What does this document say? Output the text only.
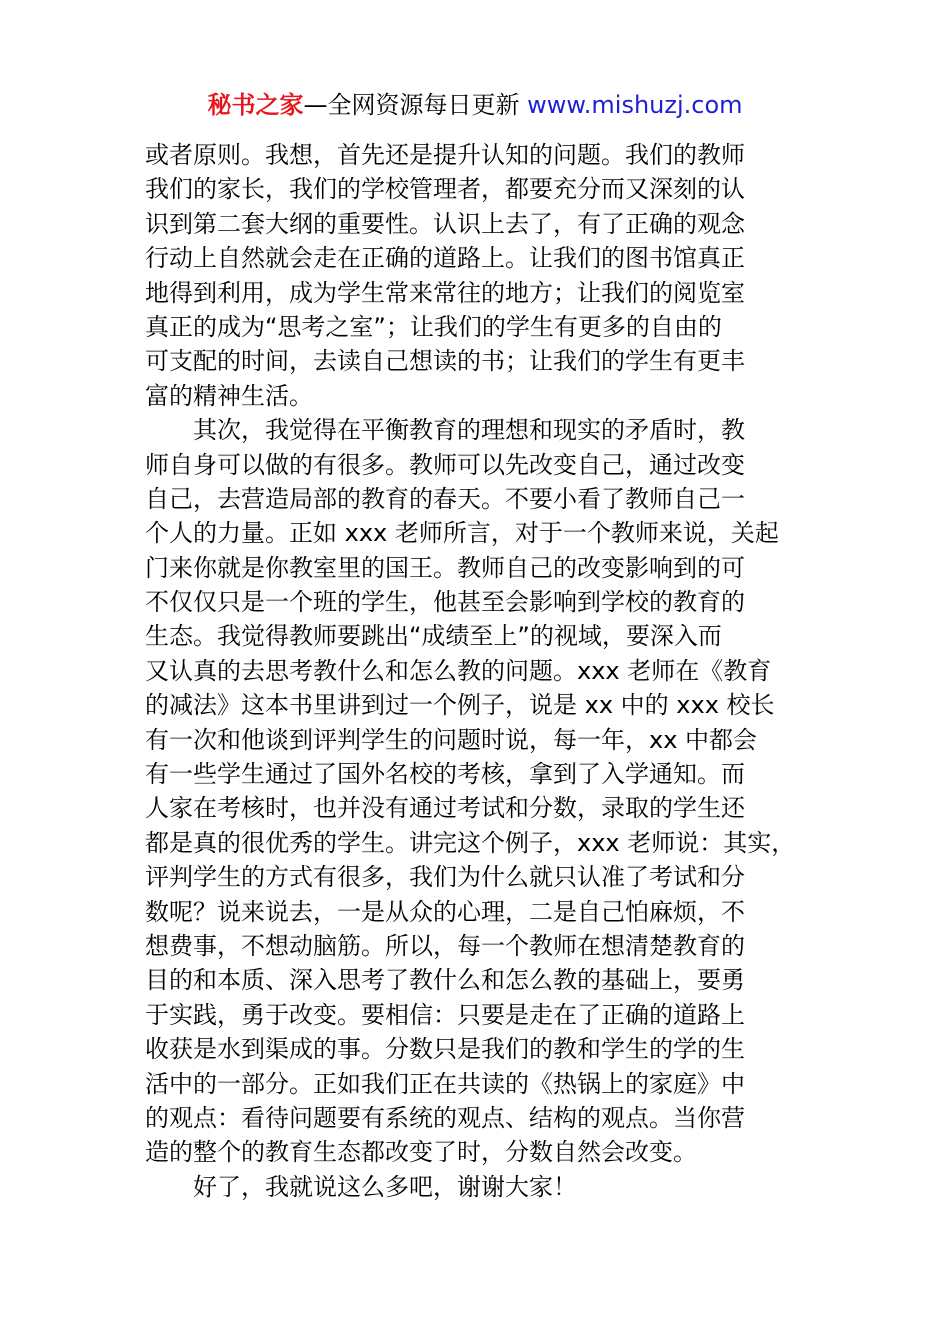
秘书之家—全网资源每日更新 www.mishuzj.com
或者原则。我想，首先还是提升认知的问题。我们的教师
我们的家长，我们的学校管理者，都要充分而又深刻的认
识到第二套大纲的重要性。认识上去了，有了正确的观念
行动上自然就会走在正确的道路上。让我们的图书馆真正
地得到利用，成为学生常来常往的地方；让我们的阅览室
真正的成为“思考之室”；让我们的学生有更多的自由的
可支配的时间，去读自己想读的书；让我们的学生有更丰
富的精神生活。
其次，我觉得在平衡教育的理想和现实的矛盾时，教
师自身可以做的有很多。教师可以先改变自己，通过改变
自己，去营造局部的教育的春天。不要小看了教师自己一
个人的力量。正如 xxx 老师所言，对于一个教师来说，关起
门来你就是你教室里的国王。教师自己的改变影响到的可
不仅仅只是一个班的学生，他甚至会影响到学校的教育的
生态。我觉得教师要跳出“成绩至上”的视域，要深入而
又认真的去思考教什么和怎么教的问题。xxx 老师在《教育
的减法》这本书里讲到过一个例子，说是 xx 中的 xxx 校长
有一次和他谈到评判学生的问题时说，每一年，xx 中都会
有一些学生通过了国外名校的考核，拿到了入学通知。而
人家在考核时，也并没有通过考试和分数，录取的学生还
都是真的很优秀的学生。讲完这个例子，xxx 老师说：其实，
评判学生的方式有很多，我们为什么就只认准了考试和分
数呢？说来说去，一是从众的心理，二是自己怕麻烦，不
想费事，不想动脑筋。所以，每一个教师在想清楚教育的
目的和本质、深入思考了教什么和怎么教的基础上，要勇
于实践，勇于改变。要相信：只要是走在了正确的道路上
收获是水到渠成的事。分数只是我们的教和学生的学的生
活中的一部分。正如我们正在共读的《热锅上的家庭》中
的观点：看待问题要有系统的观点、结构的观点。当你营
造的整个的教育生态都改变了时，分数自然会改变。
好了，我就说这么多吧，谢谢大家！
